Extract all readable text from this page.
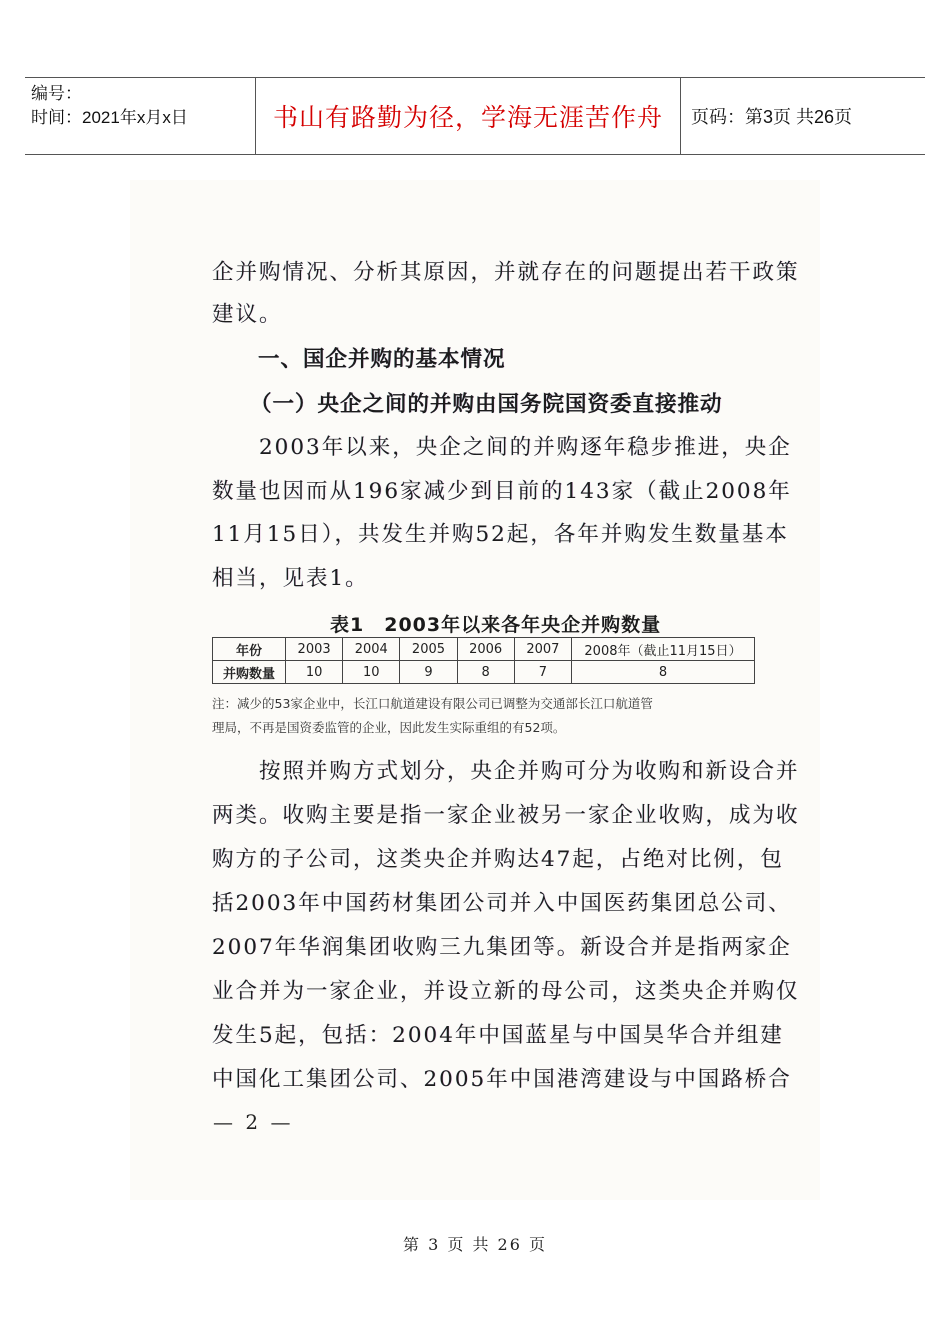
编号：
时间：2021年x月x日	书山有路勤为径，学海无涯苦作舟 页码：第3页 共26页
企并购情况、分析其原因，并就存在的问题提出若干政策
建议。
一、国企并购的基本情况
（一）央企之间的并购由国务院国资委直接推动
　　2003年以来，央企之间的并购逐年稳步推进，央企
数量也因而从196家减少到目前的143家（截止2008年
11月15日），共发生并购52起，各年并购发生数量基本
相当，见表1。
表1　2003年以来各年央企并购数量
年份	2003	2004	2005	2006	2007	2008年（截止11月15日）
并购数量	10	10	9	8	7	8
注：减少的53家企业中，长江口航道建设有限公司已调整为交通部长江口航道管
理局，不再是国资委监管的企业，因此发生实际重组的有52项。
　　按照并购方式划分，央企并购可分为收购和新设合并
两类。收购主要是指一家企业被另一家企业收购，成为收
购方的子公司，这类央企并购达47起，占绝对比例，包
括2003年中国药材集团公司并入中国医药集团总公司、
2007年华润集团收购三九集团等。新设合并是指两家企
业合并为一家企业，并设立新的母公司，这类央企并购仅
发生5起，包括：2004年中国蓝星与中国昊华合并组建
中国化工集团公司、2005年中国港湾建设与中国路桥合
— 2 —
第 3 页 共 26 页
